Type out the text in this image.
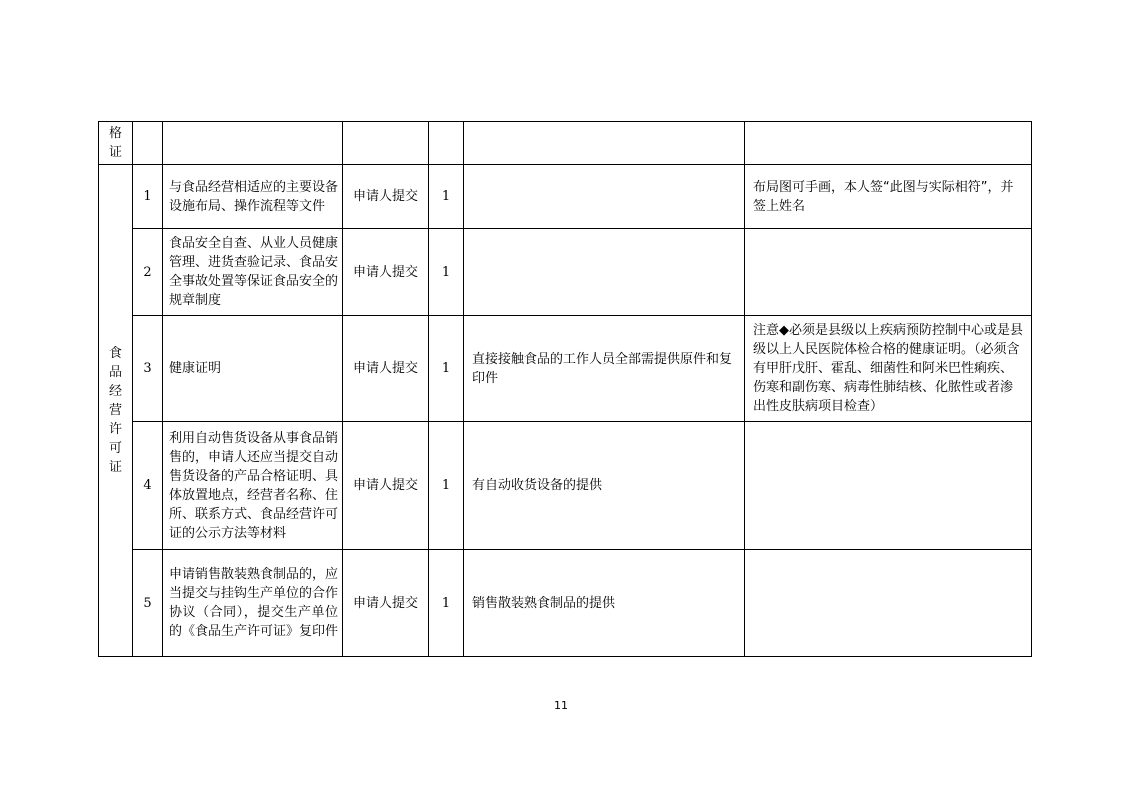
格证						
食品经营许可证	1	与食品经营相适应的主要设备设施布局、操作流程等文件	申请人提交	1		布局图可手画，本人签“此图与实际相符”，并签上姓名
	2	食品安全自查、从业人员健康管理、进货查验记录、食品安全事故处置等保证食品安全的规章制度	申请人提交	1		
	3	健康证明	申请人提交	1	直接接触食品的工作人员全部需提供原件和复印件	注意◆必须是县级以上疾病预防控制中心或是县级以上人民医院体检合格的健康证明。（必须含有甲肝戊肝、霍乱、细菌性和阿米巴性痢疾、伤寒和副伤寒、病毒性肺结核、化脓性或者渗出性皮肤病项目检查）
	4	利用自动售货设备从事食品销售的，申请人还应当提交自动售货设备的产品合格证明、具体放置地点，经营者名称、住所、联系方式、食品经营许可证的公示方法等材料	申请人提交	1	有自动收货设备的提供	
	5	申请销售散装熟食制品的，应当提交与挂钩生产单位的合作协议（合同），提交生产单位的《食品生产许可证》复印件	申请人提交	1	销售散装熟食制品的提供	
11
